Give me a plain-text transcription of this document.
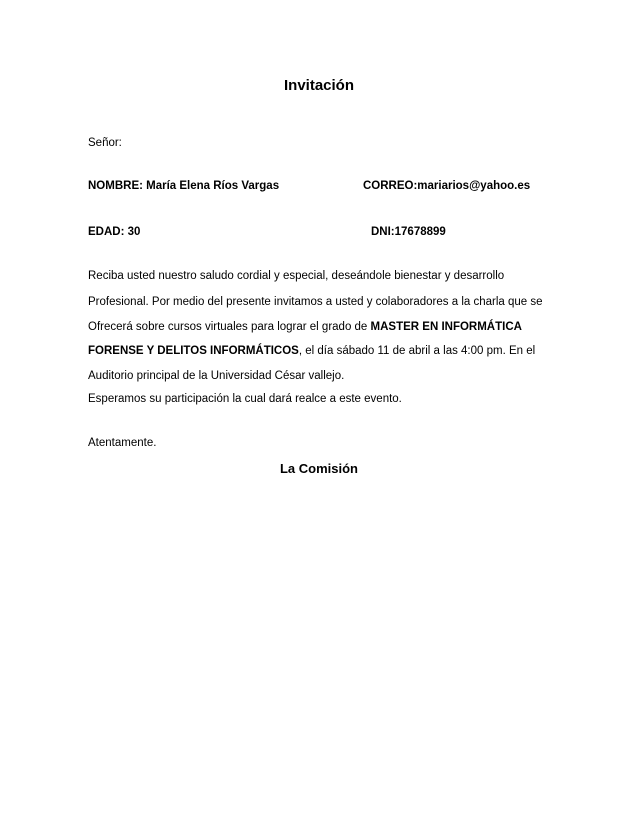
Invitación
Señor:
NOMBRE: María Elena Ríos Vargas	CORREO:mariarios@yahoo.es
EDAD: 30	DNI:17678899
Reciba usted nuestro saludo cordial y especial, deseándole bienestar y desarrollo
Profesional. Por medio del presente invitamos a usted y colaboradores a la charla que se
Ofrecerá sobre cursos virtuales para lograr el grado de MASTER EN INFORMÁTICA
FORENSE Y DELITOS INFORMÁTICOS, el día sábado 11 de abril a las 4:00 pm. En el
Auditorio principal de la Universidad César vallejo.
Esperamos su participación la cual dará realce a este evento.
Atentamente.
La Comisión
